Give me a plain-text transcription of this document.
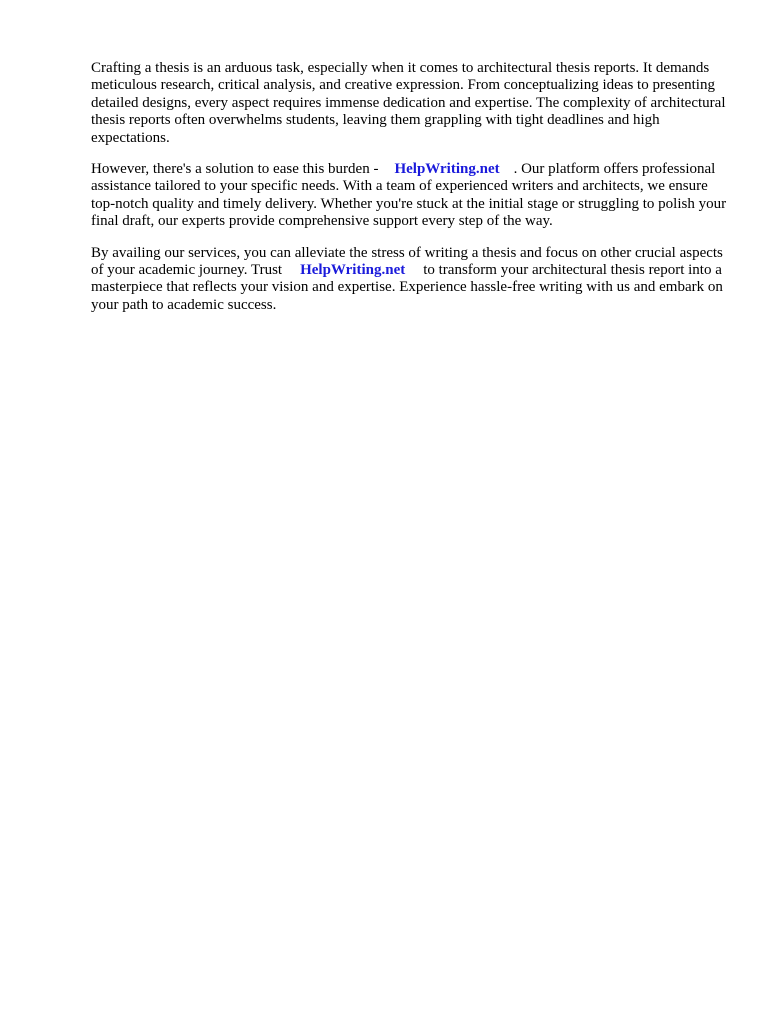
Crafting a thesis is an arduous task, especially when it comes to architectural thesis reports. It demands meticulous research, critical analysis, and creative expression. From conceptualizing ideas to presenting detailed designs, every aspect requires immense dedication and expertise. The complexity of architectural thesis reports often overwhelms students, leaving them grappling with tight deadlines and high expectations.

However, there's a solution to ease this burden - HelpWriting.net . Our platform offers professional assistance tailored to your specific needs. With a team of experienced writers and architects, we ensure top-notch quality and timely delivery. Whether you're stuck at the initial stage or struggling to polish your final draft, our experts provide comprehensive support every step of the way.

By availing our services, you can alleviate the stress of writing a thesis and focus on other crucial aspects of your academic journey. Trust HelpWriting.net to transform your architectural thesis report into a masterpiece that reflects your vision and expertise. Experience hassle-free writing with us and embark on your path to academic success.
